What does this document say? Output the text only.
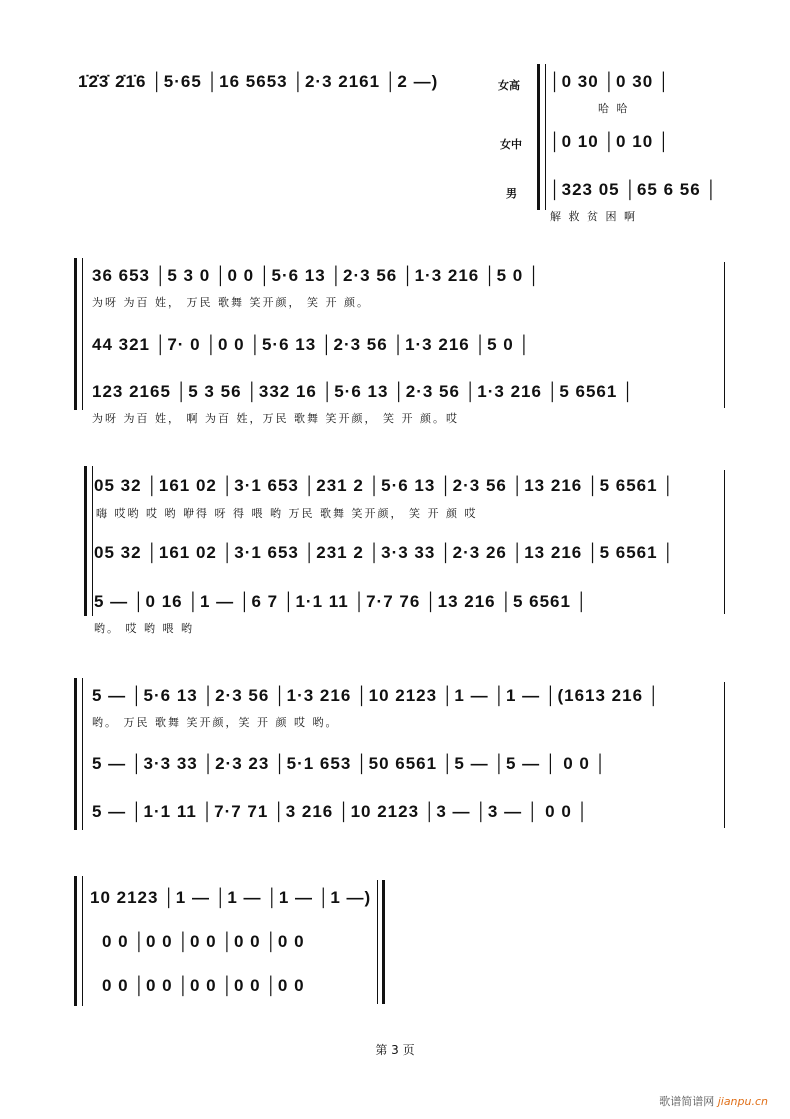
1̇2̇3̇ 2̇1̇6 │5·65 │16 5653 │2·3 2161 │2 —)	女高
女中
男
│0 30 │0 30 │
哈 哈
│0 10 │0 10 │
│323 05 │65 6 56 │
解 救 贫 困 啊
36 653 │5 3 0 │0 0 │5·6 13 │2·3 56 │1·3 216 │5 0 │
为呀 为百 姓， 万民 歌舞 笑开颜， 笑 开 颜。
44 321 │7· 0 │0 0 │5·6 13 │2·3 56 │1·3 216 │5 0 │
123 2165 │5 3 56 │332 16 │5·6 13 │2·3 56 │1·3 216 │5 6561 │
为呀 为百 姓， 啊 为百 姓，万民 歌舞 笑开颜， 笑 开 颜。哎
05 32 │161 02 │3·1 653 │231 2 │5·6 13 │2·3 56 │13 216 │5 6561 │
嗨 哎哟 哎 哟 咿得 呀 得 喂 哟 万民 歌舞 笑开颜， 笑 开 颜 哎
05 32 │161 02 │3·1 653 │231 2 │3·3 33 │2·3 26 │13 216 │5 6561 │
5 — │0 16 │1 — │6 7 │1·1 11 │7·7 76 │13 216 │5 6561 │
哟。 哎 哟 喂 哟
5 — │5·6 13 │2·3 56 │1·3 216 │10 2123 │1 — │1 — │(1613 216 │
哟。 万民 歌舞 笑开颜，笑 开 颜 哎 哟。
5 — │3·3 33 │2·3 23 │5·1 653 │50 6561 │5 — │5 — │ 0 0 │
5 — │1·1 11 │7·7 71 │3 216 │10 2123 │3 — │3 — │ 0 0 │
10 2123 │1 — │1 — │1 — │1 —)
0 0 │0 0 │0 0 │0 0 │0 0
0 0 │0 0 │0 0 │0 0 │0 0
第 3 页
歌谱简谱网 jianpu.cn
